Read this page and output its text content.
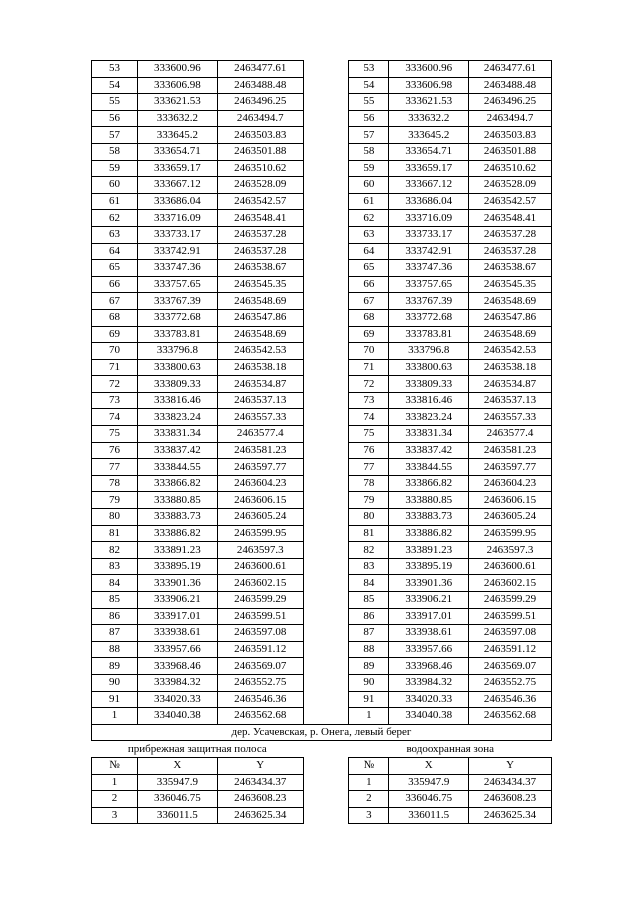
53	333600.96	2463477.61		53	333600.96	2463477.61
54	333606.98	2463488.48		54	333606.98	2463488.48
55	333621.53	2463496.25		55	333621.53	2463496.25
56	333632.2	2463494.7		56	333632.2	2463494.7
57	333645.2	2463503.83		57	333645.2	2463503.83
58	333654.71	2463501.88		58	333654.71	2463501.88
59	333659.17	2463510.62		59	333659.17	2463510.62
60	333667.12	2463528.09		60	333667.12	2463528.09
61	333686.04	2463542.57		61	333686.04	2463542.57
62	333716.09	2463548.41		62	333716.09	2463548.41
63	333733.17	2463537.28		63	333733.17	2463537.28
64	333742.91	2463537.28		64	333742.91	2463537.28
65	333747.36	2463538.67		65	333747.36	2463538.67
66	333757.65	2463545.35		66	333757.65	2463545.35
67	333767.39	2463548.69		67	333767.39	2463548.69
68	333772.68	2463547.86		68	333772.68	2463547.86
69	333783.81	2463548.69		69	333783.81	2463548.69
70	333796.8	2463542.53		70	333796.8	2463542.53
71	333800.63	2463538.18		71	333800.63	2463538.18
72	333809.33	2463534.87		72	333809.33	2463534.87
73	333816.46	2463537.13		73	333816.46	2463537.13
74	333823.24	2463557.33		74	333823.24	2463557.33
75	333831.34	2463577.4		75	333831.34	2463577.4
76	333837.42	2463581.23		76	333837.42	2463581.23
77	333844.55	2463597.77		77	333844.55	2463597.77
78	333866.82	2463604.23		78	333866.82	2463604.23
79	333880.85	2463606.15		79	333880.85	2463606.15
80	333883.73	2463605.24		80	333883.73	2463605.24
81	333886.82	2463599.95		81	333886.82	2463599.95
82	333891.23	2463597.3		82	333891.23	2463597.3
83	333895.19	2463600.61		83	333895.19	2463600.61
84	333901.36	2463602.15		84	333901.36	2463602.15
85	333906.21	2463599.29		85	333906.21	2463599.29
86	333917.01	2463599.51		86	333917.01	2463599.51
87	333938.61	2463597.08		87	333938.61	2463597.08
88	333957.66	2463591.12		88	333957.66	2463591.12
89	333968.46	2463569.07		89	333968.46	2463569.07
90	333984.32	2463552.75		90	333984.32	2463552.75
91	334020.33	2463546.36		91	334020.33	2463546.36
1	334040.38	2463562.68		1	334040.38	2463562.68
дер. Усачевская, р. Онега, левый берег						
прибрежная защитная полоса				водоохранная зона		
№	X	Y		№	X	Y
1	335947.9	2463434.37		1	335947.9	2463434.37
2	336046.75	2463608.23		2	336046.75	2463608.23
3	336011.5	2463625.34		3	336011.5	2463625.34
